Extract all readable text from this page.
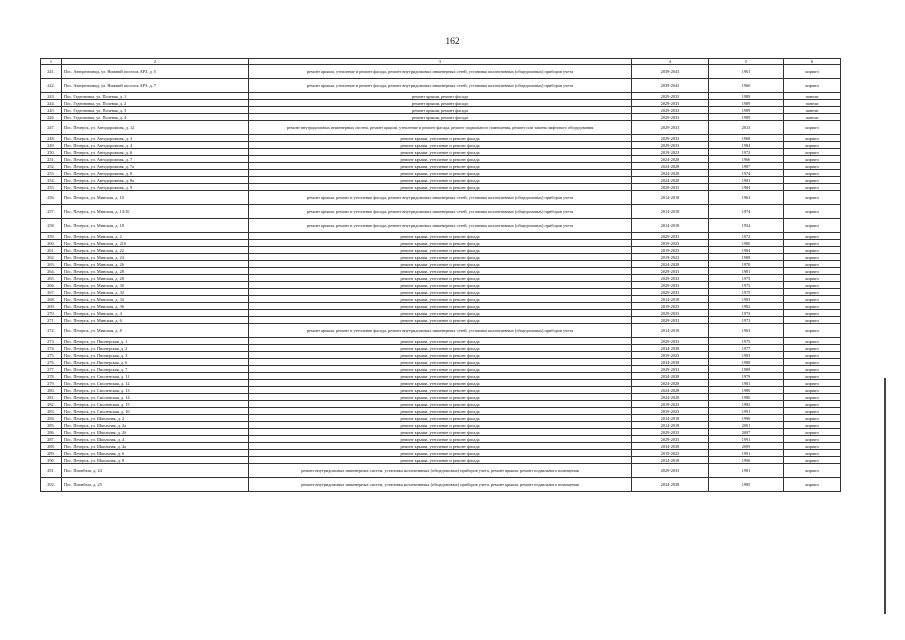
162
1	2	3	4	5	6
241.	Пос. Авторемзавод, ул. Нижний поселок АРЗ, д. 5	ремонт крыши, утепление и ремонт фасада, ремонт внутридомовых инженерных сетей, установка коллективных (общедомовых) приборов учета	2039-2043	1961	кирпич
242.	Пос. Авторемзавод, ул. Нижний поселок АРЗ, д. 7	ремонт крыши, утепление и ремонт фасада, ремонт внутридомовых инженерных сетей, установка коллективных (общедомовых) приборов учета	2039-2043	1960	кирпич
243.	Пос. Гедеоновка, ул. Полевая, д. 1	ремонт крыши, ремонт фасада	2029-2033	1989	панели
244.	Пос. Гедеоновка, ул. Полевая, д. 2	ремонт крыши, ремонт фасада	2029-2033	1989	панели
245.	Пос. Гедеоновка, ул. Полевая, д. 3	ремонт крыши, ремонт фасада	2029-2033	1989	панели
246.	Пос. Гедеоновка, ул. Полевая, д. 4	ремонт крыши, ремонт фасада	2029-2033	1989	панели
247.	Пос. Печерск, ул. Автодорожная, д. 12	ремонт внутридомовых инженерных систем, ремонт крыши, утепление и ремонт фасада, ремонт подвального помещения, ремонт или замена лифтового оборудования	2029-2033	2013	кирпич
248.	Пос. Печерск, ул. Автодорожная, д. 3	ремонт крыши, утепление и ремонт фасада	2029-2033	1968	кирпич
249.	Пос. Печерск, ул. Автодорожная, д. 4	ремонт крыши, утепление и ремонт фасада	2029-2033	1984	кирпич
250.	Пос. Печерск, ул. Автодорожная, д. 6	ремонт крыши, утепление и ремонт фасада	2019-2023	1972	кирпич
251.	Пос. Печерск, ул. Автодорожная, д. 7	ремонт крыши, утепление и ремонт фасада	2024-2028	1966	кирпич
252.	Пос. Печерск, ул. Автодорожная, д. 7а	ремонт крыши, утепление и ремонт фасада	2024-2028	1987	кирпич
253.	Пос. Печерск, ул. Автодорожная, д. 8	ремонт крыши, утепление и ремонт фасада	2024-2028	1974	кирпич
254.	Пос. Печерск, ул. Автодорожная, д. 8а	ремонт крыши, утепление и ремонт фасада	2024-2028	1981	кирпич
255.	Пос. Печерск, ул. Автодорожная, д. 9	ремонт крыши, утепление и ремонт фасада	2029-2033	1984	кирпич
256.	Пос. Печерск, ул. Минская, д. 10	ремонт крыши, ремонт и утепление фасада, ремонт внутридомовых инженерных сетей, установка коллективных (общедомовых) приборов учета	2014-2018	1963	кирпич
257.	Пос. Печерск, ул. Минская, д. 14/10	ремонт крыши, ремонт и утепление фасада, ремонт внутридомовых инженерных сетей, установка коллективных (общедомовых) приборов учета	2014-2018	1974	кирпич
258.	Пос. Печерск, ул. Минская, д. 18	ремонт крыши, ремонт и утепление фасада, ремонт внутридомовых инженерных сетей, установка коллективных (общедомовых) приборов учета	2014-2018	1954	кирпич
259.	Пос. Печерск, ул. Минская, д. 2	ремонт крыши, утепление и ремонт фасада	2029-2033	1972	кирпич
260.	Пос. Печерск, ул. Минская, д. 21б	ремонт крыши, утепление и ремонт фасада	2019-2023	1980	кирпич
261.	Пос. Печерск, ул. Минская, д. 22	ремонт крыши, утепление и ремонт фасада	2019-2023	1984	кирпич
262.	Пос. Печерск, ул. Минская, д. 24	ремонт крыши, утепление и ремонт фасада	2019-2023	1908	кирпич
263.	Пос. Печерск, ул. Минская, д. 26	ремонт крыши, утепление и ремонт фасада	2024-2028	1970	кирпич
264.	Пос. Печерск, ул. Минская, д. 28	ремонт крыши, утепление и ремонт фасада	2029-2033	1981	кирпич
265.	Пос. Печерск, ул. Минская, д. 28	ремонт крыши, утепление и ремонт фасада	2029-2033	1975	кирпич
266.	Пос. Печерск, ул. Минская, д. 30	ремонт крыши, утепление и ремонт фасада	2029-2033	1973	кирпич
267.	Пос. Печерск, ул. Минская, д. 32	ремонт крыши, утепление и ремонт фасада	2029-2033	1975	кирпич
268.	Пос. Печерск, ул. Минская, д. 34	ремонт крыши, утепление и ремонт фасада	2014-2018	1983	кирпич
269.	Пос. Печерск, ул. Минская, д. 36	ремонт крыши, утепление и ремонт фасада	2019-2023	1982	кирпич
270.	Пос. Печерск, ул. Минская, д. 4	ремонт крыши, утепление и ремонт фасада	2029-2033	1973	кирпич
271.	Пос. Печерск, ул. Минская, д. 6	ремонт крыши, утепление и ремонт фасада	2029-2033	1973	кирпич
272.	Пос. Печерск, ул. Минская, д. 8	ремонт крыши, ремонт и утепление фасада, ремонт внутридомовых инженерных сетей, установка коллективных (общедомовых) приборов учета	2014-2018	1963	кирпич
273.	Пос. Печерск, ул. Пионерская, д. 1	ремонт крыши, утепление и ремонт фасада	2029-2033	1975	кирпич
274.	Пос. Печерск, ул. Пионерская, д. 2	ремонт крыши, утепление и ремонт фасада	2034-2038	1977	кирпич
275.	Пос. Печерск, ул. Пионерская, д. 3	ремонт крыши, утепление и ремонт фасада	2019-2023	1983	кирпич
276.	Пос. Печерск, ул. Пионерская, д. 6	ремонт крыши, утепление и ремонт фасада	2034-2038	1988	кирпич
277.	Пос. Печерск, ул. Пионерская, д. 7	ремонт крыши, утепление и ремонт фасада	2029-2033	1989	кирпич
278.	Пос. Печерск, ул. Смоленская, д. 11	ремонт крыши, утепление и ремонт фасада	2034-2038	1979	кирпич
279.	Пос. Печерск, ул. Смоленская, д. 12	ремонт крыши, утепление и ремонт фасада	2024-2028	1981	кирпич
280.	Пос. Печерск, ул. Смоленская, д. 13	ремонт крыши, утепление и ремонт фасада	2024-2028	1980	кирпич
281.	Пос. Печерск, ул. Смоленская, д. 14	ремонт крыши, утепление и ремонт фасада	2024-2028	1980	кирпич
282.	Пос. Печерск, ул. Смоленская, д. 15	ремонт крыши, утепление и ремонт фасада	2019-2023	1982	кирпич
283.	Пос. Печерск, ул. Смоленская, д. 16	ремонт крыши, утепление и ремонт фасада	2019-2023	1991	кирпич
284.	Пос. Печерск, ул. Школьная, д. 2	ремонт крыши, утепление и ремонт фасада	2014-2018	1996	кирпич
285.	Пос. Печерск, ул. Школьная, д. 2а	ремонт крыши, утепление и ремонт фасада	2014-2018	2001	кирпич
286.	Пос. Печерск, ул. Школьная, д. 2б	ремонт крыши, утепление и ремонт фасада	2029-2033	2007	кирпич
287.	Пос. Печерск, ул. Школьная, д. 4	ремонт крыши, утепление и ремонт фасада	2029-2033	1991	кирпич
288.	Пос. Печерск, ул. Школьная, д. 4а	ремонт крыши, утепление и ремонт фасада	2034-2038	2009	кирпич
289.	Пос. Печерск, ул. Школьная, д. 6	ремонт крыши, утепление и ремонт фасада	2019-2023	1991	кирпич
290.	Пос. Печерск, ул. Школьная, д. 8	ремонт крыши, утепление и ремонт фасада	2014-2018	1996	кирпич
291.	Пос. Пионбаза, д. 24	ремонт внутридомовых инженерных систем, установка коллективных (общедомовых) приборов учета, ремонт крыши, ремонт подвального помещения	2029-2033	1981	кирпич
292.	Пос. Пионбаза, д. 25	ремонт внутридомовых инженерных систем, установка коллективных (общедомовых) приборов учета, ремонт крыши, ремонт подвального помещения	2034-2038	1985	кирпич
